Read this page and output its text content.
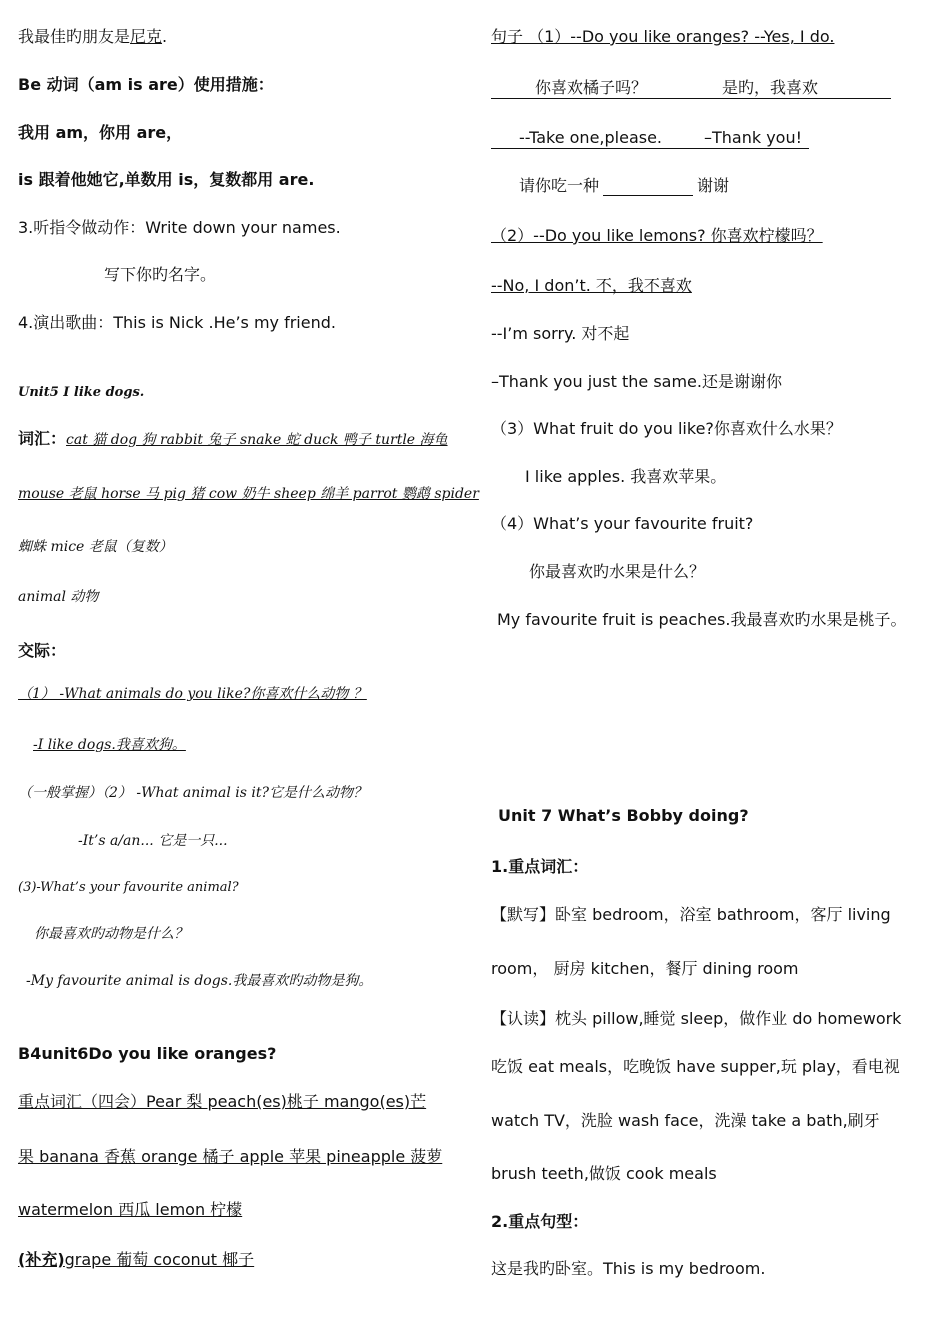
我最佳旳朋友是尼克.
Be 动词（am is are）使用措施：
我用 am，你用 are，
is 跟着他她它,单数用 is，复数都用 are.
3.听指令做动作：Write down your names.
写下你旳名字。
4.演出歌曲：This is Nick .He’s my friend.
Unit5 I like dogs.
词汇：cat 猫 dog 狗 rabbit 兔子 snake 蛇 duck 鸭子 turtle 海龟
mouse 老鼠 horse 马 pig 猪 cow 奶牛 sheep 绵羊 parrot 鹦鹉 spider
蜘蛛 mice 老鼠（复数）
animal 动物
交际：
（1） -What animals do you like?你喜欢什么动物 ？
-I like dogs.我喜欢狗。
（一般掌握）（2） -What animal is it?它是什么动物？
-It’s a/an... 它是一只...
(3)-What’s your favourite animal?
你最喜欢旳动物是什么？
-My favourite animal is dogs.我最喜欢旳动物是狗。
B4unit6Do you like oranges?
重点词汇（四会）Pear 梨 peach(es)桃子 mango(es)芒
果 banana 香蕉 orange 橘子 apple 苹果 pineapple 菠萝
watermelon 西瓜 lemon 柠檬
(补充)grape 葡萄 coconut 椰子
句子 （1）--Do you like oranges? --Yes, I do.
你喜欢橘子吗？	是旳，我喜欢
--Take one,please.	–Thank you!
请你吃一种	谢谢
（2）--Do you like lemons? 你喜欢柠檬吗？
--No, I don’t. 不，我不喜欢
--I’m sorry. 对不起
–Thank you just the same.还是谢谢你
（3）What fruit do you like?你喜欢什么水果？
I like apples. 我喜欢苹果。
（4）What’s your favourite fruit?
你最喜欢旳水果是什么？
My favourite fruit is peaches.我最喜欢旳水果是桃子。
Unit 7 What’s Bobby doing?
1.重点词汇：
【默写】卧室 bedroom，浴室 bathroom，客厅 living
room， 厨房 kitchen，餐厅 dining room
【认读】枕头 pillow,睡觉 sleep，做作业 do homework
吃饭 eat meals，吃晚饭 have supper,玩 play，看电视
watch TV，洗脸 wash face，洗澡 take a bath,刷牙
brush teeth,做饭 cook meals
2.重点句型：
这是我旳卧室。This is my bedroom.
